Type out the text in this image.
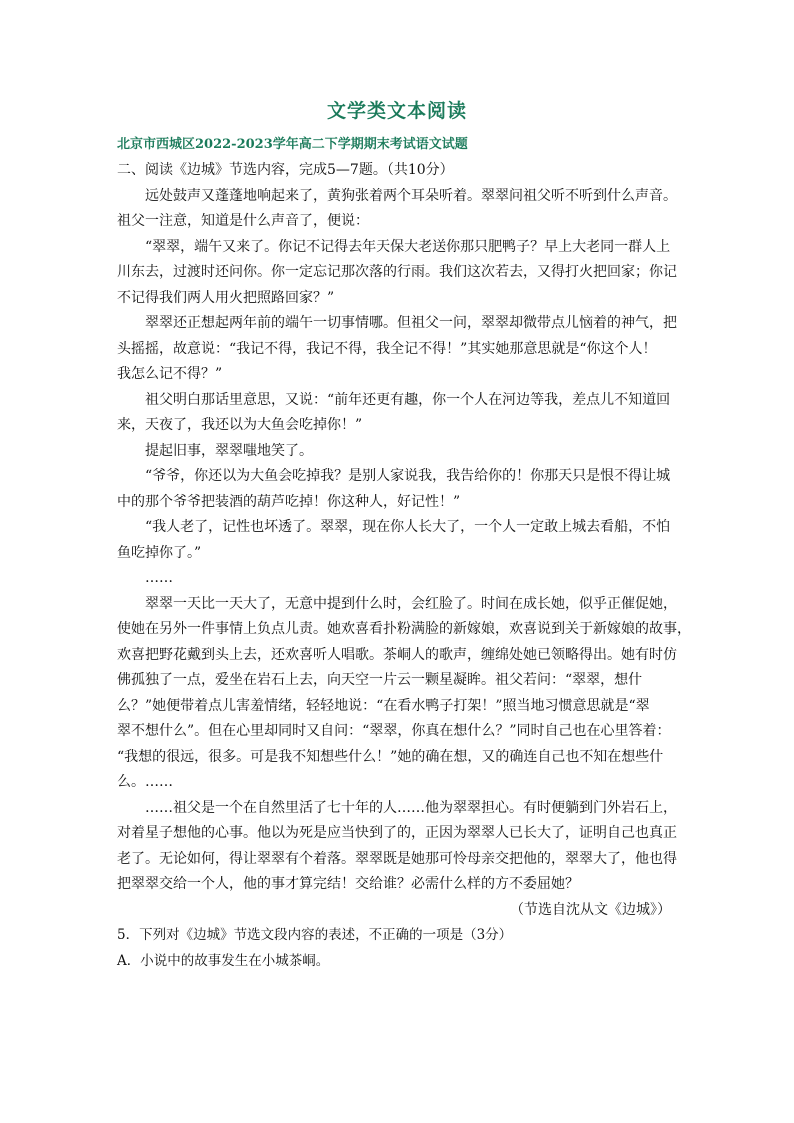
文学类文本阅读
北京市西城区2022-2023学年高二下学期期末考试语文试题
二、阅读《边城》节选内容，完成5—7题。（共10分）
远处鼓声又蓬蓬地响起来了，黄狗张着两个耳朵听着。翠翠问祖父听不听到什么声音。
祖父一注意，知道是什么声音了，便说：
“翠翠，端午又来了。你记不记得去年天保大老送你那只肥鸭子？早上大老同一群人上
川东去，过渡时还问你。你一定忘记那次落的行雨。我们这次若去，又得打火把回家；你记
不记得我们两人用火把照路回家？”
翠翠还正想起两年前的端午一切事情哪。但祖父一问，翠翠却微带点儿恼着的神气，把
头摇摇，故意说：“我记不得，我记不得，我全记不得！”其实她那意思就是“你这个人！
我怎么记不得？”
祖父明白那话里意思，又说：“前年还更有趣，你一个人在河边等我，差点儿不知道回
来，天夜了，我还以为大鱼会吃掉你！”
提起旧事，翠翠嗤地笑了。
“爷爷，你还以为大鱼会吃掉我？是别人家说我，我告给你的！你那天只是恨不得让城
中的那个爷爷把装酒的葫芦吃掉！你这种人，好记性！”
“我人老了，记性也坏透了。翠翠，现在你人长大了，一个人一定敢上城去看船，不怕
鱼吃掉你了。”
……
翠翠一天比一天大了，无意中提到什么时，会红脸了。时间在成长她，似乎正催促她，
使她在另外一件事情上负点儿责。她欢喜看扑粉满脸的新嫁娘，欢喜说到关于新嫁娘的故事，
欢喜把野花戴到头上去，还欢喜听人唱歌。茶峒人的歌声，缠绵处她已领略得出。她有时仿
佛孤独了一点，爱坐在岩石上去，向天空一片云一颗星凝眸。祖父若问：“翠翠，想什
么？”她便带着点儿害羞情绪，轻轻地说：“在看水鸭子打架！”照当地习惯意思就是“翠
翠不想什么”。但在心里却同时又自问：“翠翠，你真在想什么？”同时自己也在心里答着：
“我想的很远，很多。可是我不知想些什么！”她的确在想，又的确连自己也不知在想些什
么。……
……祖父是一个在自然里活了七十年的人……他为翠翠担心。有时便躺到门外岩石上，
对着星子想他的心事。他以为死是应当快到了的，正因为翠翠人已长大了，证明自己也真正
老了。无论如何，得让翠翠有个着落。翠翠既是她那可怜母亲交把他的，翠翠大了，他也得
把翠翠交给一个人，他的事才算完结！交给谁？必需什么样的方不委屈她？
（节选自沈从文《边城》）
5．下列对《边城》节选文段内容的表述，不正确的一项是（3分）
A．小说中的故事发生在小城茶峒。
